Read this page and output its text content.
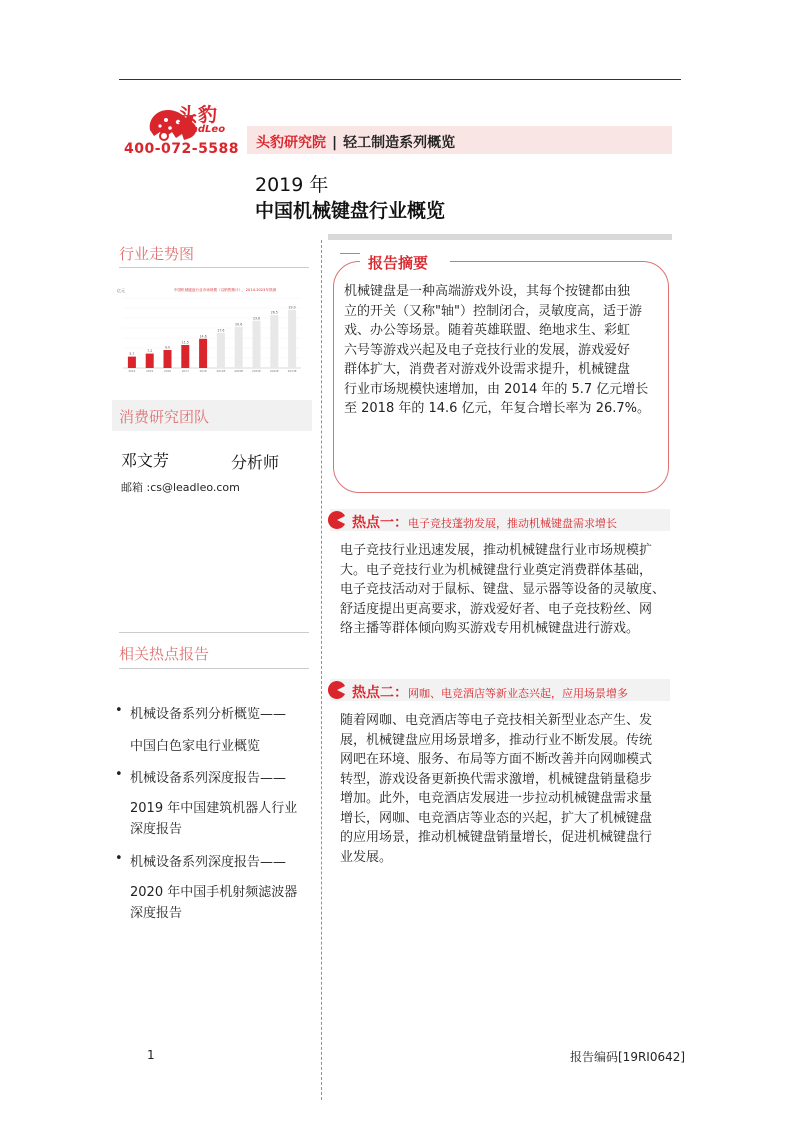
头豹
LeadLeo
400-072-5588 头豹研究院 | 轻工制造系列概览
2019 年
中国机械键盘行业概览
行业走势图
中国机械键盘行业市场规模（以销售额计），2014-2023年预测
亿元
5.7
7.2
9.0
11.5
14.6
17.6
20.6
23.6
26.5
29.0
2014	2015	2016	2017	2018	2019E	2020E	2021E	2022E	2023E
消费研究团队
邓文芳	分析师
邮箱 :cs@leadleo.com
相关热点报告
• 机械设备系列分析概览——
中国白色家电行业概览
• 机械设备系列深度报告——
2019 年中国建筑机器人行业
深度报告
• 机械设备系列深度报告——
2020 年中国手机射频滤波器
深度报告
报告摘要
机械键盘是一种高端游戏外设，其每个按键都由独
立的开关（又称"轴"）控制闭合，灵敏度高，适于游
戏、办公等场景。随着英雄联盟、绝地求生、彩虹
六号等游戏兴起及电子竞技行业的发展，游戏爱好
群体扩大，消费者对游戏外设需求提升，机械键盘
行业市场规模快速增加，由 2014 年的 5.7 亿元增长
至 2018 年的 14.6 亿元，年复合增长率为 26.7%。
热点一：电子竞技蓬勃发展，推动机械键盘需求增长
电子竞技行业迅速发展，推动机械键盘行业市场规模扩
大。电子竞技行业为机械键盘行业奠定消费群体基础，
电子竞技活动对于鼠标、键盘、显示器等设备的灵敏度、
舒适度提出更高要求，游戏爱好者、电子竞技粉丝、网
络主播等群体倾向购买游戏专用机械键盘进行游戏。
热点二：网咖、电竞酒店等新业态兴起，应用场景增多
随着网咖、电竞酒店等电子竞技相关新型业态产生、发
展，机械键盘应用场景增多，推动行业不断发展。传统
网吧在环境、服务、布局等方面不断改善并向网咖模式
转型，游戏设备更新换代需求激增，机械键盘销量稳步
增加。此外，电竞酒店发展进一步拉动机械键盘需求量
增长，网咖、电竞酒店等业态的兴起，扩大了机械键盘
的应用场景，推动机械键盘销量增长，促进机械键盘行
业发展。
1	报告编码[19RI0642]
